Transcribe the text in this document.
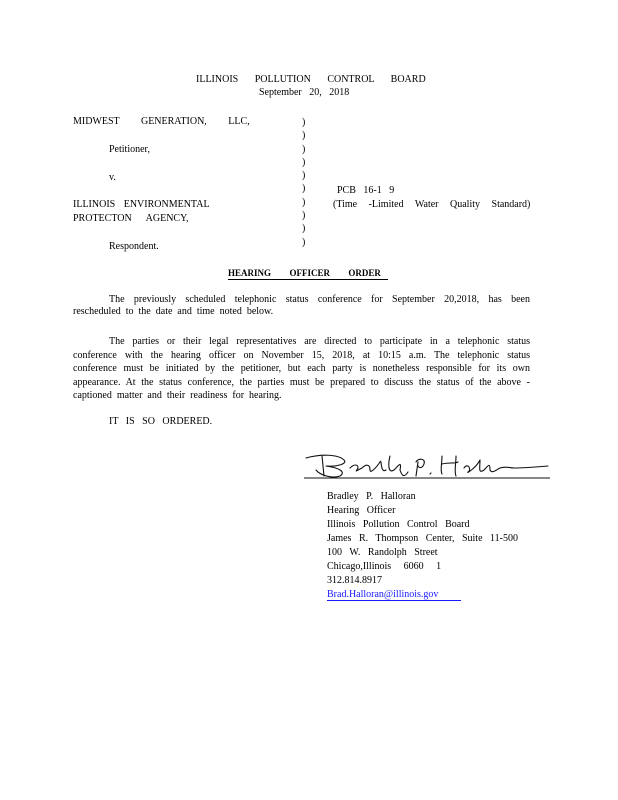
ILLINOIS POLLUTION CONTROL BOARD
September 20, 2018
MIDWEST GENERATION, LLC,
Petitioner,
v.
ILLINOIS ENVIRONMENTAL
PROTECTON AGENCY,
Respondent.
)
)
)
)
)
)
)
)
)
)
PCB 16-1 9
(Time -Limited Water Quality Standard)
HEARING OFFICER ORDER
The previously scheduled telephonic status conference for September 20,2018, has been rescheduled to the date and time noted below.
The parties or their legal representatives are directed to participate in a telephonic status conference with the hearing officer on November 15, 2018, at 10:15 a.m. The telephonic status conference must be initiated by the petitioner, but each party is nonetheless responsible for its own appearance. At the status conference, the parties must be prepared to discuss the status of the above -captioned matter and their readiness for hearing.
IT IS SO ORDERED.
Bradley P. Halloran
Hearing Officer
Illinois Pollution Control Board
James R. Thompson Center, Suite 11-500
100 W. Randolph Street
Chicago,Illinois 6060 1
312.814.8917
Brad.Halloran@illinois.gov
